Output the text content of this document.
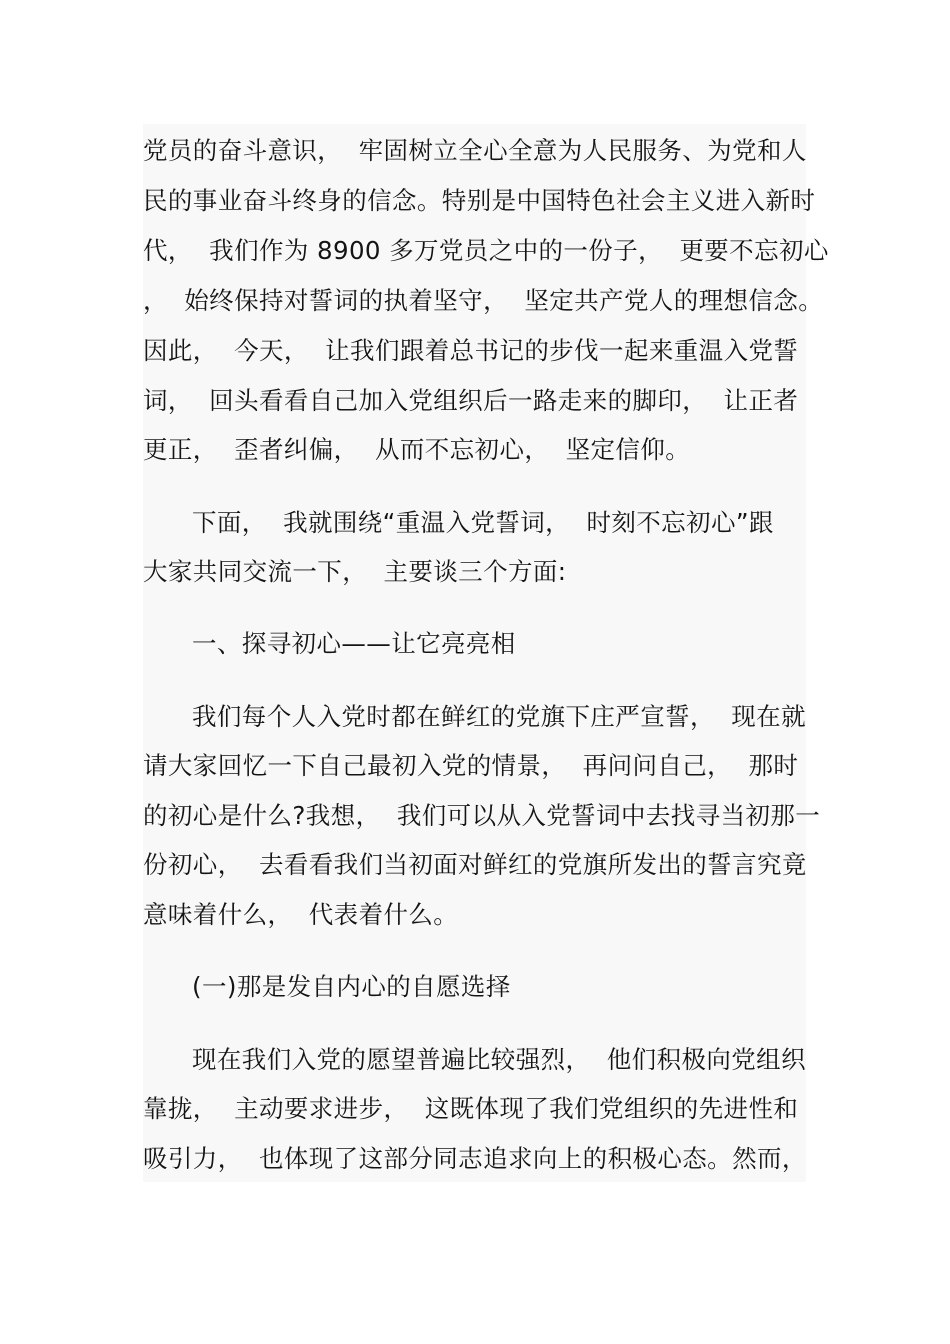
党员的奋斗意识，  牢固树立全心全意为人民服务、为党和人
民的事业奋斗终身的信念。特别是中国特色社会主义进入新时
代，  我们作为 8900 多万党员之中的一份子，  更要不忘初心
，  始终保持对誓词的执着坚守，  坚定共产党人的理想信念。
因此，  今天，  让我们跟着总书记的步伐一起来重温入党誓
词，  回头看看自己加入党组织后一路走来的脚印，  让正者
更正，  歪者纠偏，  从而不忘初心，  坚定信仰。
下面，  我就围绕“重温入党誓词，  时刻不忘初心”跟
大家共同交流一下，  主要谈三个方面:
一、探寻初心——让它亮亮相
我们每个人入党时都在鲜红的党旗下庄严宣誓，  现在就
请大家回忆一下自己最初入党的情景，  再问问自己，  那时
的初心是什么?我想，  我们可以从入党誓词中去找寻当初那一
份初心，  去看看我们当初面对鲜红的党旗所发出的誓言究竟
意味着什么，  代表着什么。
(一)那是发自内心的自愿选择
现在我们入党的愿望普遍比较强烈，  他们积极向党组织
靠拢，  主动要求进步，  这既体现了我们党组织的先进性和
吸引力，  也体现了这部分同志追求向上的积极心态。然而，
